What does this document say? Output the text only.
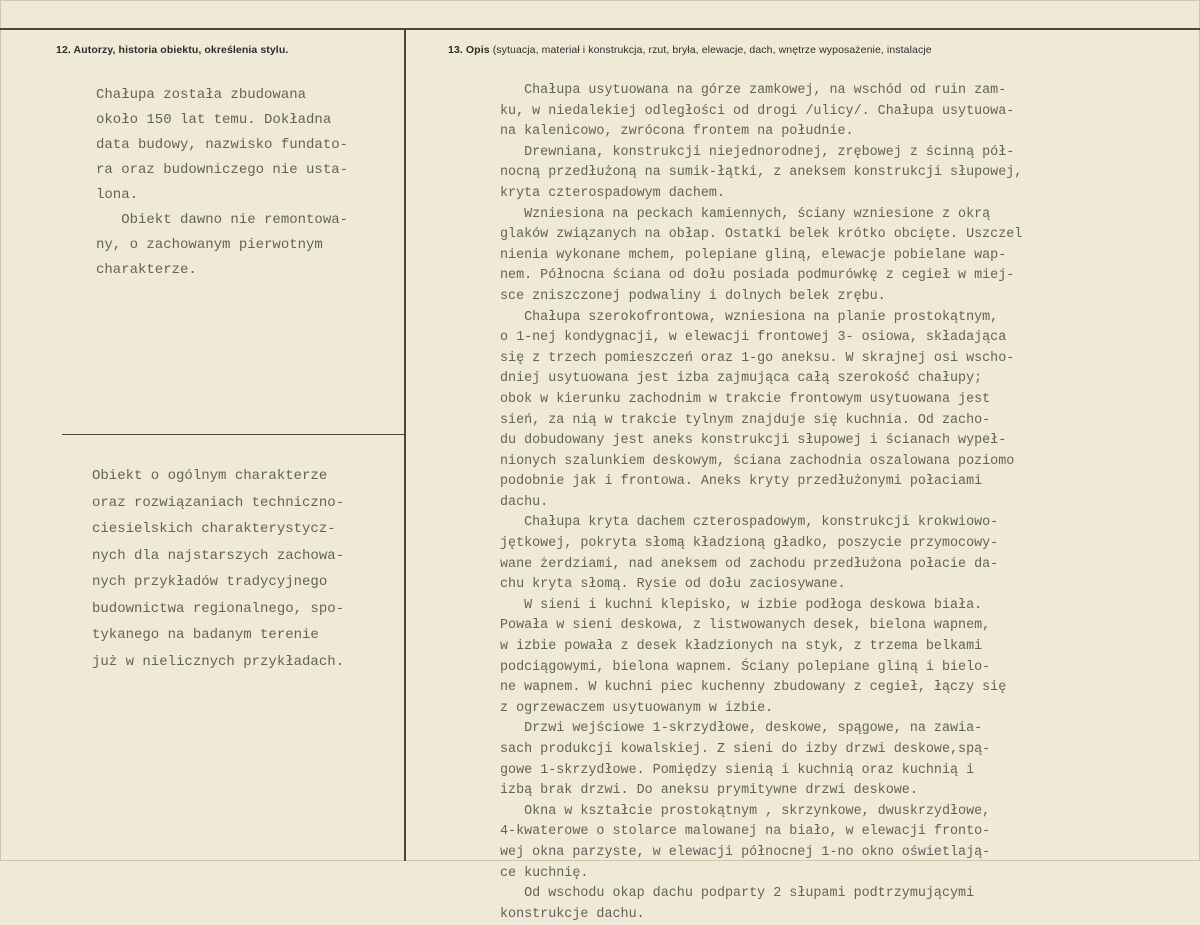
12. Autorzy, historia obiektu, określenia stylu.	13. Opis (sytuacja, materiał i konstrukcja, rzut, bryła, elewacje, dach, wnętrze wyposażenie, instalacje
Chałupa została zbudowana
około 150 lat temu. Dokładna
data budowy, nazwisko fundato-
ra oraz budowniczego nie usta-
lona.
Obiekt dawno nie remontowa-
ny, o zachowanym pierwotnym
charakterze.
Obiekt o ogólnym charakterze
oraz rozwiązaniach techniczno-
ciesielskich charakterystycz-
nych dla najstarszych zachowa-
nych przykładów tradycyjnego
budownictwa regionalnego, spo-
tykanego na badanym terenie
już w nielicznych przykładach.
Chałupa usytuowana na górze zamkowej, na wschód od ruin zam-
ku, w niedalekiej odległości od drogi /ulicy/. Chałupa usytuowa-
na kalenicowo, zwrócona frontem na południe.
Drewniana, konstrukcji niejednorodnej, zrębowej z ścinną pół-
nocną przedłużoną na sumik-łątki, z aneksem konstrukcji słupowej,
kryta czterospadowym dachem.
Wzniesiona na peckach kamiennych, ściany wzniesione z okrą
glaków związanych na obłap. Ostatki belek krótko obcięte. Uszczel
nienia wykonane mchem, polepiane gliną, elewacje pobielane wap-
nem. Północna ściana od dołu posiada podmurówkę z cegieł w miej-
sce zniszczonej podwaliny i dolnych belek zrębu.
Chałupa szerokofrontowa, wzniesiona na planie prostokątnym,
o 1-nej kondygnacji, w elewacji frontowej 3- osiowa, składająca
się z trzech pomieszczeń oraz 1-go aneksu. W skrajnej osi wscho-
dniej usytuowana jest izba zajmująca całą szerokość chałupy;
obok w kierunku zachodnim w trakcie frontowym usytuowana jest
sień, za nią w trakcie tylnym znajduje się kuchnia. Od zacho-
du dobudowany jest aneks konstrukcji słupowej i ścianach wypeł-
nionych szalunkiem deskowym, ściana zachodnia oszalowana poziomo
podobnie jak i frontowa. Aneks kryty przedłużonymi połaciami
dachu.
Chałupa kryta dachem czterospadowym, konstrukcji krokwiowo-
jętkowej, pokryta słomą kładzioną gładko, poszycie przymocowy-
wane żerdziami, nad aneksem od zachodu przedłużona połacie da-
chu kryta słomą. Rysie od dołu zaciosywane.
W sieni i kuchni klepisko, w izbie podłoga deskowa biała.
Powała w sieni deskowa, z listwowanych desek, bielona wapnem,
w izbie powała z desek kładzionych na styk, z trzema belkami
podciągowymi, bielona wapnem. Ściany polepiane gliną i bielo-
ne wapnem. W kuchni piec kuchenny zbudowany z cegieł, łączy się
z ogrzewaczem usytuowanym w izbie.
Drzwi wejściowe 1-skrzydłowe, deskowe, spągowe, na zawia-
sach produkcji kowalskiej. Z sieni do izby drzwi deskowe,spą-
gowe 1-skrzydłowe. Pomiędzy sienią i kuchnią oraz kuchnią i
izbą brak drzwi. Do aneksu prymitywne drzwi deskowe.
Okna w kształcie prostokątnym , skrzynkowe, dwuskrzydłowe,
4-kwaterowe o stolarce malowanej na biało, w elewacji fronto-
wej okna parzyste, w elewacji północnej 1-no okno oświetlają-
ce kuchnię.
Od wschodu okap dachu podparty 2 słupami podtrzymującymi
konstrukcje dachu.
